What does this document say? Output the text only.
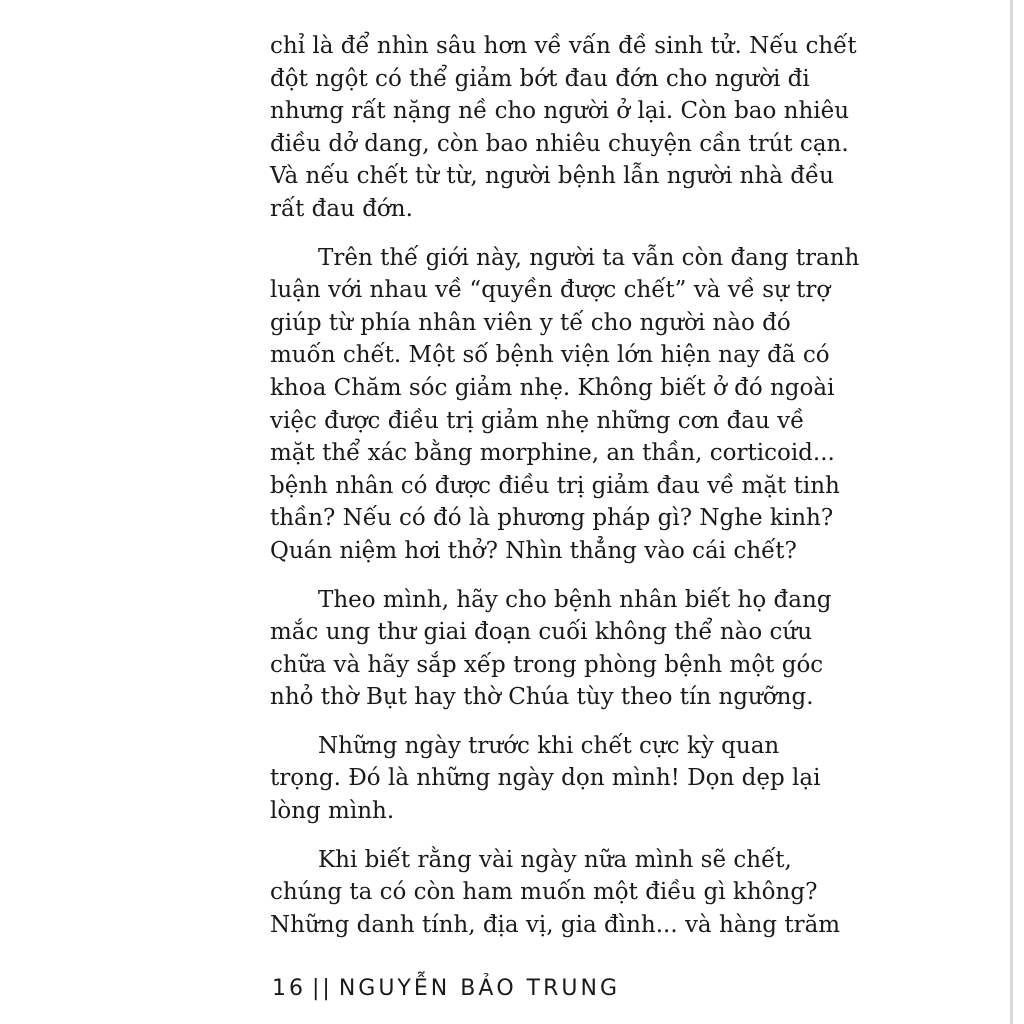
chỉ là để nhìn sâu hơn về vấn đề sinh tử. Nếu chết
đột ngột có thể giảm bớt đau đớn cho người đi
nhưng rất nặng nề cho người ở lại. Còn bao nhiêu
điều dở dang, còn bao nhiêu chuyện cần trút cạn.
Và nếu chết từ từ, người bệnh lẫn người nhà đều
rất đau đớn.

Trên thế giới này, người ta vẫn còn đang tranh
luận với nhau về “quyền được chết” và về sự trợ
giúp từ phía nhân viên y tế cho người nào đó
muốn chết. Một số bệnh viện lớn hiện nay đã có
khoa Chăm sóc giảm nhẹ. Không biết ở đó ngoài
việc được điều trị giảm nhẹ những cơn đau về
mặt thể xác bằng morphine, an thần, corticoid...
bệnh nhân có được điều trị giảm đau về mặt tinh
thần? Nếu có đó là phương pháp gì? Nghe kinh?
Quán niệm hơi thở? Nhìn thẳng vào cái chết?

Theo mình, hãy cho bệnh nhân biết họ đang
mắc ung thư giai đoạn cuối không thể nào cứu
chữa và hãy sắp xếp trong phòng bệnh một góc
nhỏ thờ Bụt hay thờ Chúa tùy theo tín ngưỡng.

Những ngày trước khi chết cực kỳ quan
trọng. Đó là những ngày dọn mình! Dọn dẹp lại
lòng mình.

Khi biết rằng vài ngày nữa mình sẽ chết,
chúng ta có còn ham muốn một điều gì không?
Những danh tính, địa vị, gia đình... và hàng trăm

16 || NGUYỄN BẢO TRUNG
